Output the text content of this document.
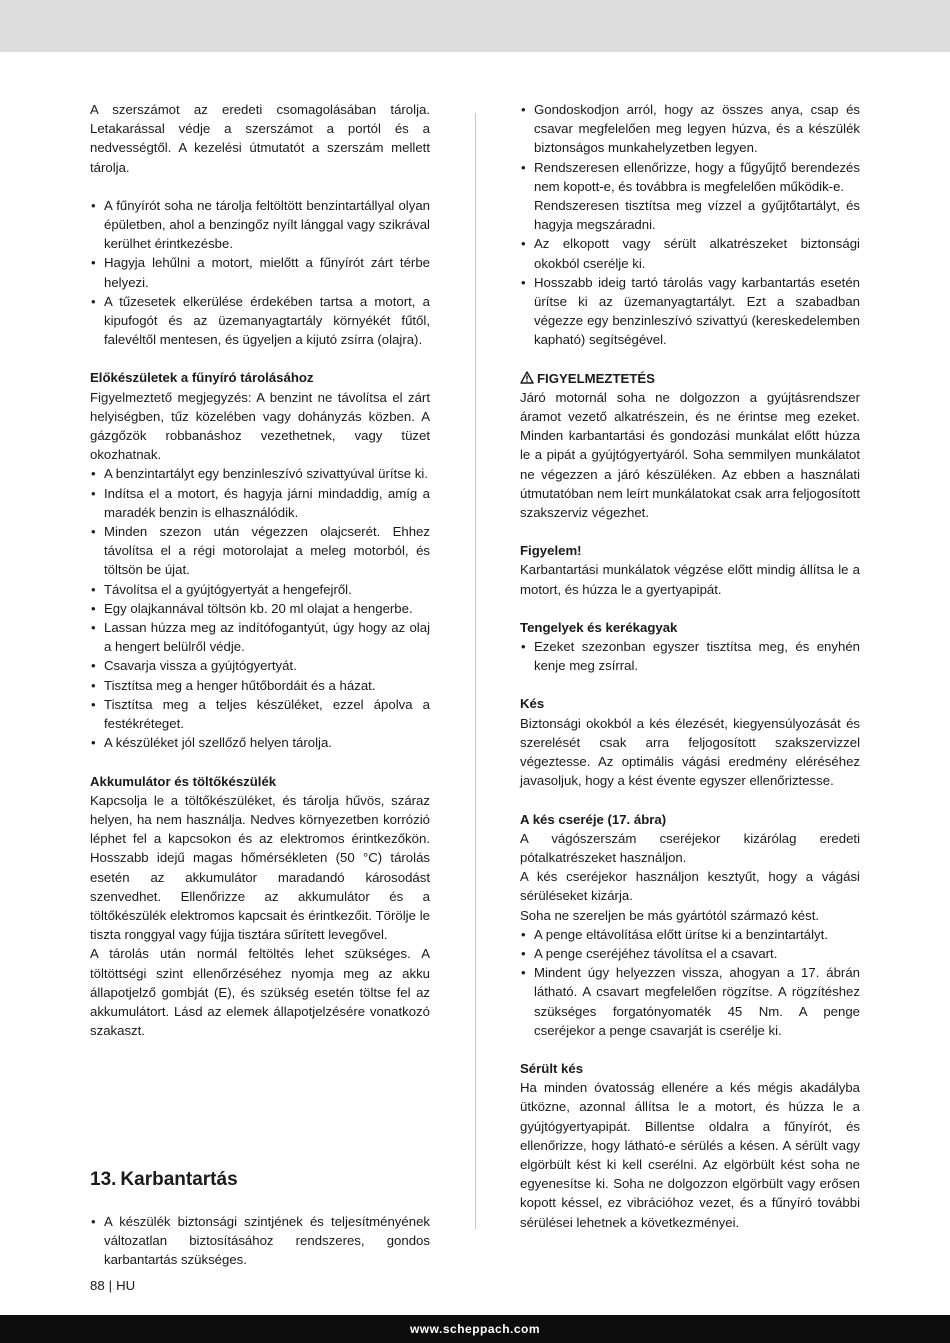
A szerszámot az eredeti csomagolásában tárolja. Letakarással védje a szerszámot a portól és a nedvességtől. A kezelési útmutatót a szerszám mellett tárolja.

• A fűnyírót soha ne tárolja feltöltött benzintartállyal olyan épületben, ahol a benzingőz nyílt lánggal vagy szikrával kerülhet érintkezésbe.
• Hagyja lehűlni a motort, mielőtt a fűnyírót zárt térbe helyezi.
• A tűzesetek elkerülése érdekében tartsa a motort, a kipufogót és az üzemanyagtartály környékét fűtől, falevéltől mentesen, és ügyeljen a kijutó zsírra (olajra).

Előkészületek a fűnyíró tárolásához

Figyelmeztető megjegyzés: A benzint ne távolítsa el zárt helyiségben, tűz közelében vagy dohányzás közben. A gázgőzök robbanáshoz vezethetnek, vagy tüzet okozhatnak.

• A benzintartályt egy benzinleszívó szivattyúval ürítse ki.
• Indítsa el a motort, és hagyja járni mindaddig, amíg a maradék benzin is elhasználódik.
• Minden szezon után végezzen olajcserét. Ehhez távolítsa el a régi motorolajat a meleg motorból, és töltsön be újat.
• Távolítsa el a gyújtógyertyát a hengefejről.
• Egy olajkannával töltsön kb. 20 ml olajat a hengerbe.
• Lassan húzza meg az indítófogantyút, úgy hogy az olaj a hengert belülről védje.
• Csavarja vissza a gyújtógyertyát.
• Tisztítsa meg a henger hűtőbordáit és a házat.
• Tisztítsa meg a teljes készüléket, ezzel ápolva a festékréteget.
• A készüléket jól szellőző helyen tárolja.

Akkumulátor és töltőkészülék

Kapcsolja le a töltőkészüléket, és tárolja hűvös, száraz helyen, ha nem használja. Nedves környezetben korrózió léphet fel a kapcsokon és az elektromos érintkezőkön. Hosszabb idejű magas hőmérsékleten (50 °C) tárolás esetén az akkumulátor maradandó károsodást szenvedhet. Ellenőrizze az akkumulátor és a töltőkészülék elektromos kapcsait és érintkezőit. Törölje le tiszta ronggyal vagy fújja tisztára sűrített levegővel.

A tárolás után normál feltöltés lehet szükséges. A töltöttségi szint ellenőrzéséhez nyomja meg az akku állapotjelző gombját (E), és szükség esetén töltse fel az akkumulátort. Lásd az elemek állapotjelzésére vonatkozó szakaszt.

13. Karbantartás
• A készülék biztonsági szintjének és teljesítményének változatlan biztosításához rendszeres, gondos karbantartás szükséges.
• Gondoskodjon arról, hogy az összes anya, csap és csavar megfelelően meg legyen húzva, és a készülék biztonságos munkahelyzetben legyen.
• Rendszeresen ellenőrizze, hogy a fűgyűjtő berendezés nem kopott-e, és továbbra is megfelelően működik-e.

Rendszeresen tisztítsa meg vízzel a gyűjtőtartályt, és hagyja megszáradni.

• Az elkopott vagy sérült alkatrészeket biztonsági okokból cserélje ki.
• Hosszabb ideig tartó tárolás vagy karbantartás esetén ürítse ki az üzemanyagtartályt. Ezt a szabadban végezze egy benzinleszívó szivattyú (kereskedelemben kapható) segítségével.

FIGYELMEZTETÉS

Járó motornál soha ne dolgozzon a gyújtásrendszer áramot vezető alkatrészein, és ne érintse meg ezeket. Minden karbantartási és gondozási munkálat előtt húzza le a pipát a gyújtógyertyáról. Soha semmilyen munkálatot ne végezzen a járó készüléken. Az ebben a használati útmutatóban nem leírt munkálatokat csak arra feljogosított szakszerviz végezhet.

Figyelem!

Karbantartási munkálatok végzése előtt mindig állítsa le a motort, és húzza le a gyertyapipát.

Tengelyek és kerékagyak

• Ezeket szezonban egyszer tisztítsa meg, és enyhén kenje meg zsírral.

Kés

Biztonsági okokból a kés élezését, kiegyensúlyozását és szerelését csak arra feljogosított szakszervizzel végeztesse. Az optimális vágási eredmény eléréséhez javasoljuk, hogy a kést évente egyszer ellenőriztesse.

A kés cseréje (17. ábra)

A vágószerszám cseréjekor kizárólag eredeti pótalkatrészeket használjon.

A kés cseréjekor használjon kesztyűt, hogy a vágási sérüléseket kizárja.

Soha ne szereljen be más gyártótól származó kést.

• A penge eltávolítása előtt ürítse ki a benzintartályt.
• A penge cseréjéhez távolítsa el a csavart.
• Mindent úgy helyezzen vissza, ahogyan a 17. ábrán látható. A csavart megfelelően rögzítse. A rögzítéshez szükséges forgatónyomaték 45 Nm. A penge cseréjekor a penge csavarját is cserélje ki.

Sérült kés

Ha minden óvatosság ellenére a kés mégis akadályba ütközne, azonnal állítsa le a motort, és húzza le a gyújtógyertyapipát. Billentse oldalra a fűnyírót, és ellenőrizze, hogy látható-e sérülés a késen. A sérült vagy elgörbült kést ki kell cserélni. Az elgörbült kést soha ne egyenesítse ki. Soha ne dolgozzon elgörbült vagy erősen kopott késsel, ez vibrációhoz vezet, és a fűnyíró további sérülései lehetnek a következményei.

88 | HU
www.scheppach.com
